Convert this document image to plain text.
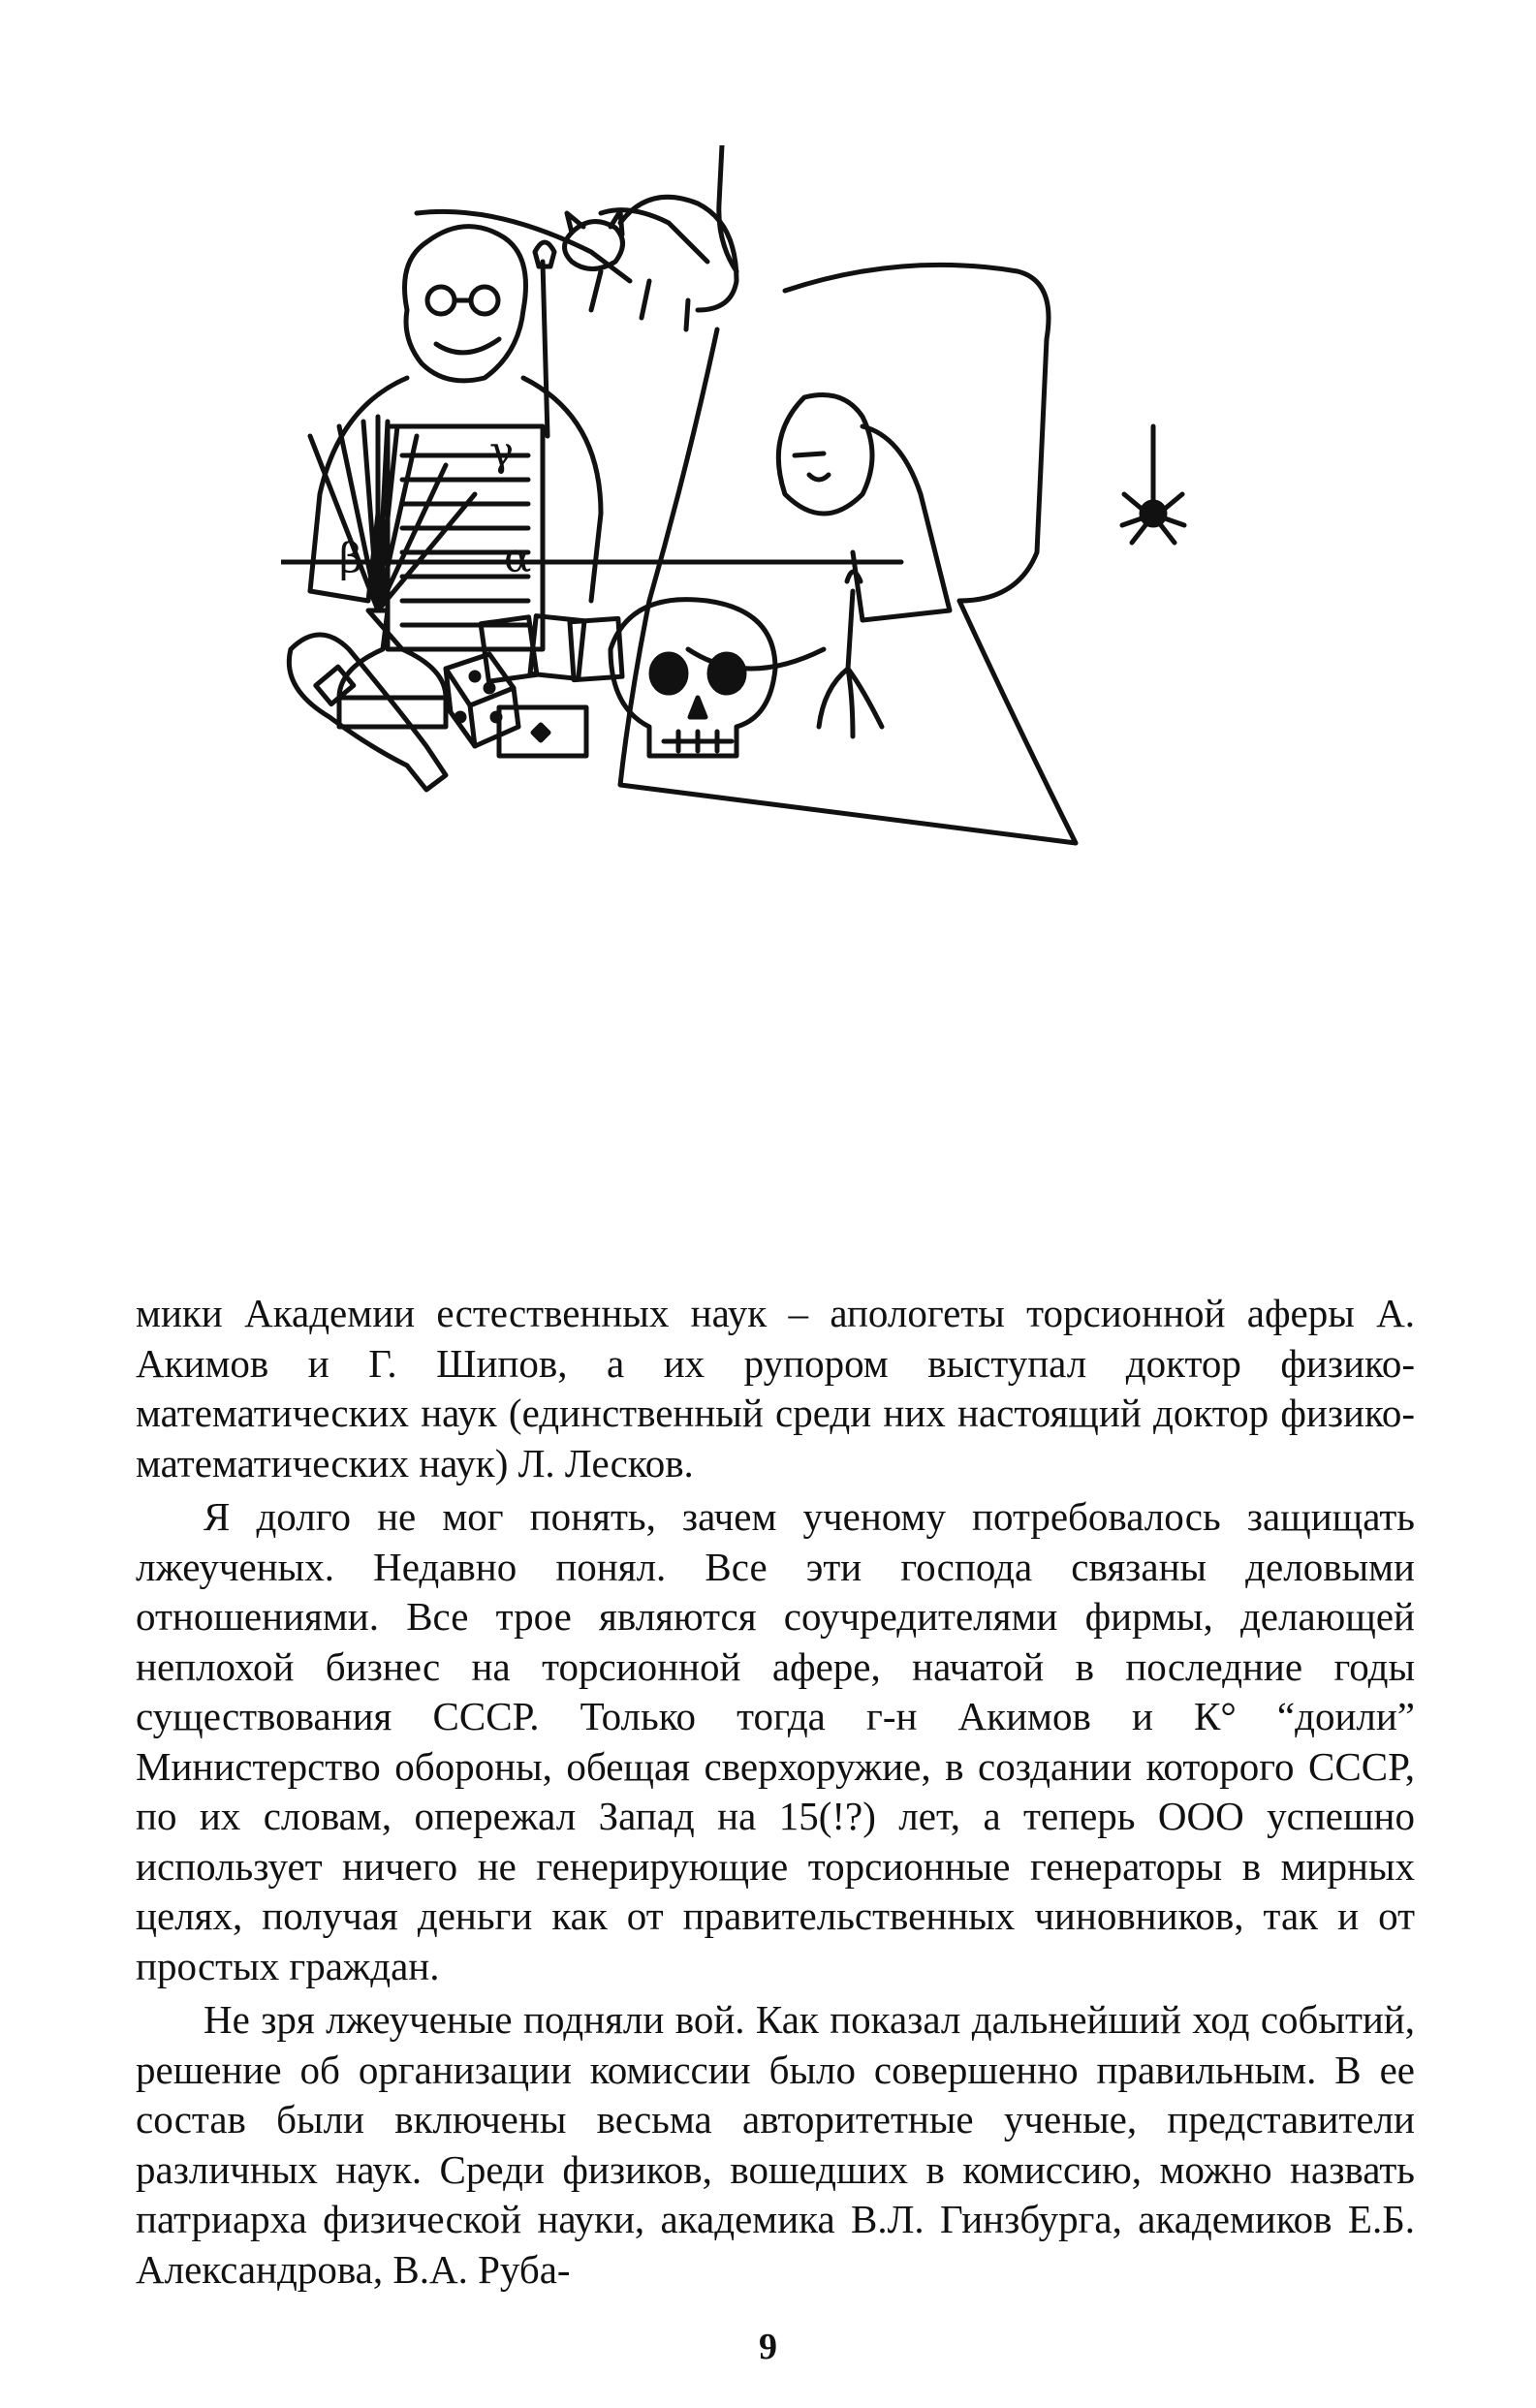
β
γ
α

мики Академии естественных наук – апологеты торсионной аферы А. Акимов и Г. Шипов, а их рупором выступал доктор физико-математических наук (единственный среди них настоящий доктор физико-математических наук) Л. Лесков.

Я долго не мог понять, зачем ученому потребовалось защищать лжеученых. Недавно понял. Все эти господа связаны деловыми отношениями. Все трое являются соучредителями фирмы, делающей неплохой бизнес на торсионной афере, начатой в последние годы существования СССР. Только тогда г-н Акимов и К° “доили” Министерство обороны, обещая сверхоружие, в создании которого СССР, по их словам, опережал Запад на 15(!?) лет, а теперь ООО успешно использует ничего не генерирующие торсионные генераторы в мирных целях, получая деньги как от правительственных чиновников, так и от простых граждан.

Не зря лжеученые подняли вой. Как показал дальнейший ход событий, решение об организации комиссии было совершенно правильным. В ее состав были включены весьма авторитетные ученые, представители различных наук. Среди физиков, вошедших в комиссию, можно назвать патриарха физической науки, академика В.Л. Гинзбурга, академиков Е.Б. Александрова, В.А. Руба-

9
